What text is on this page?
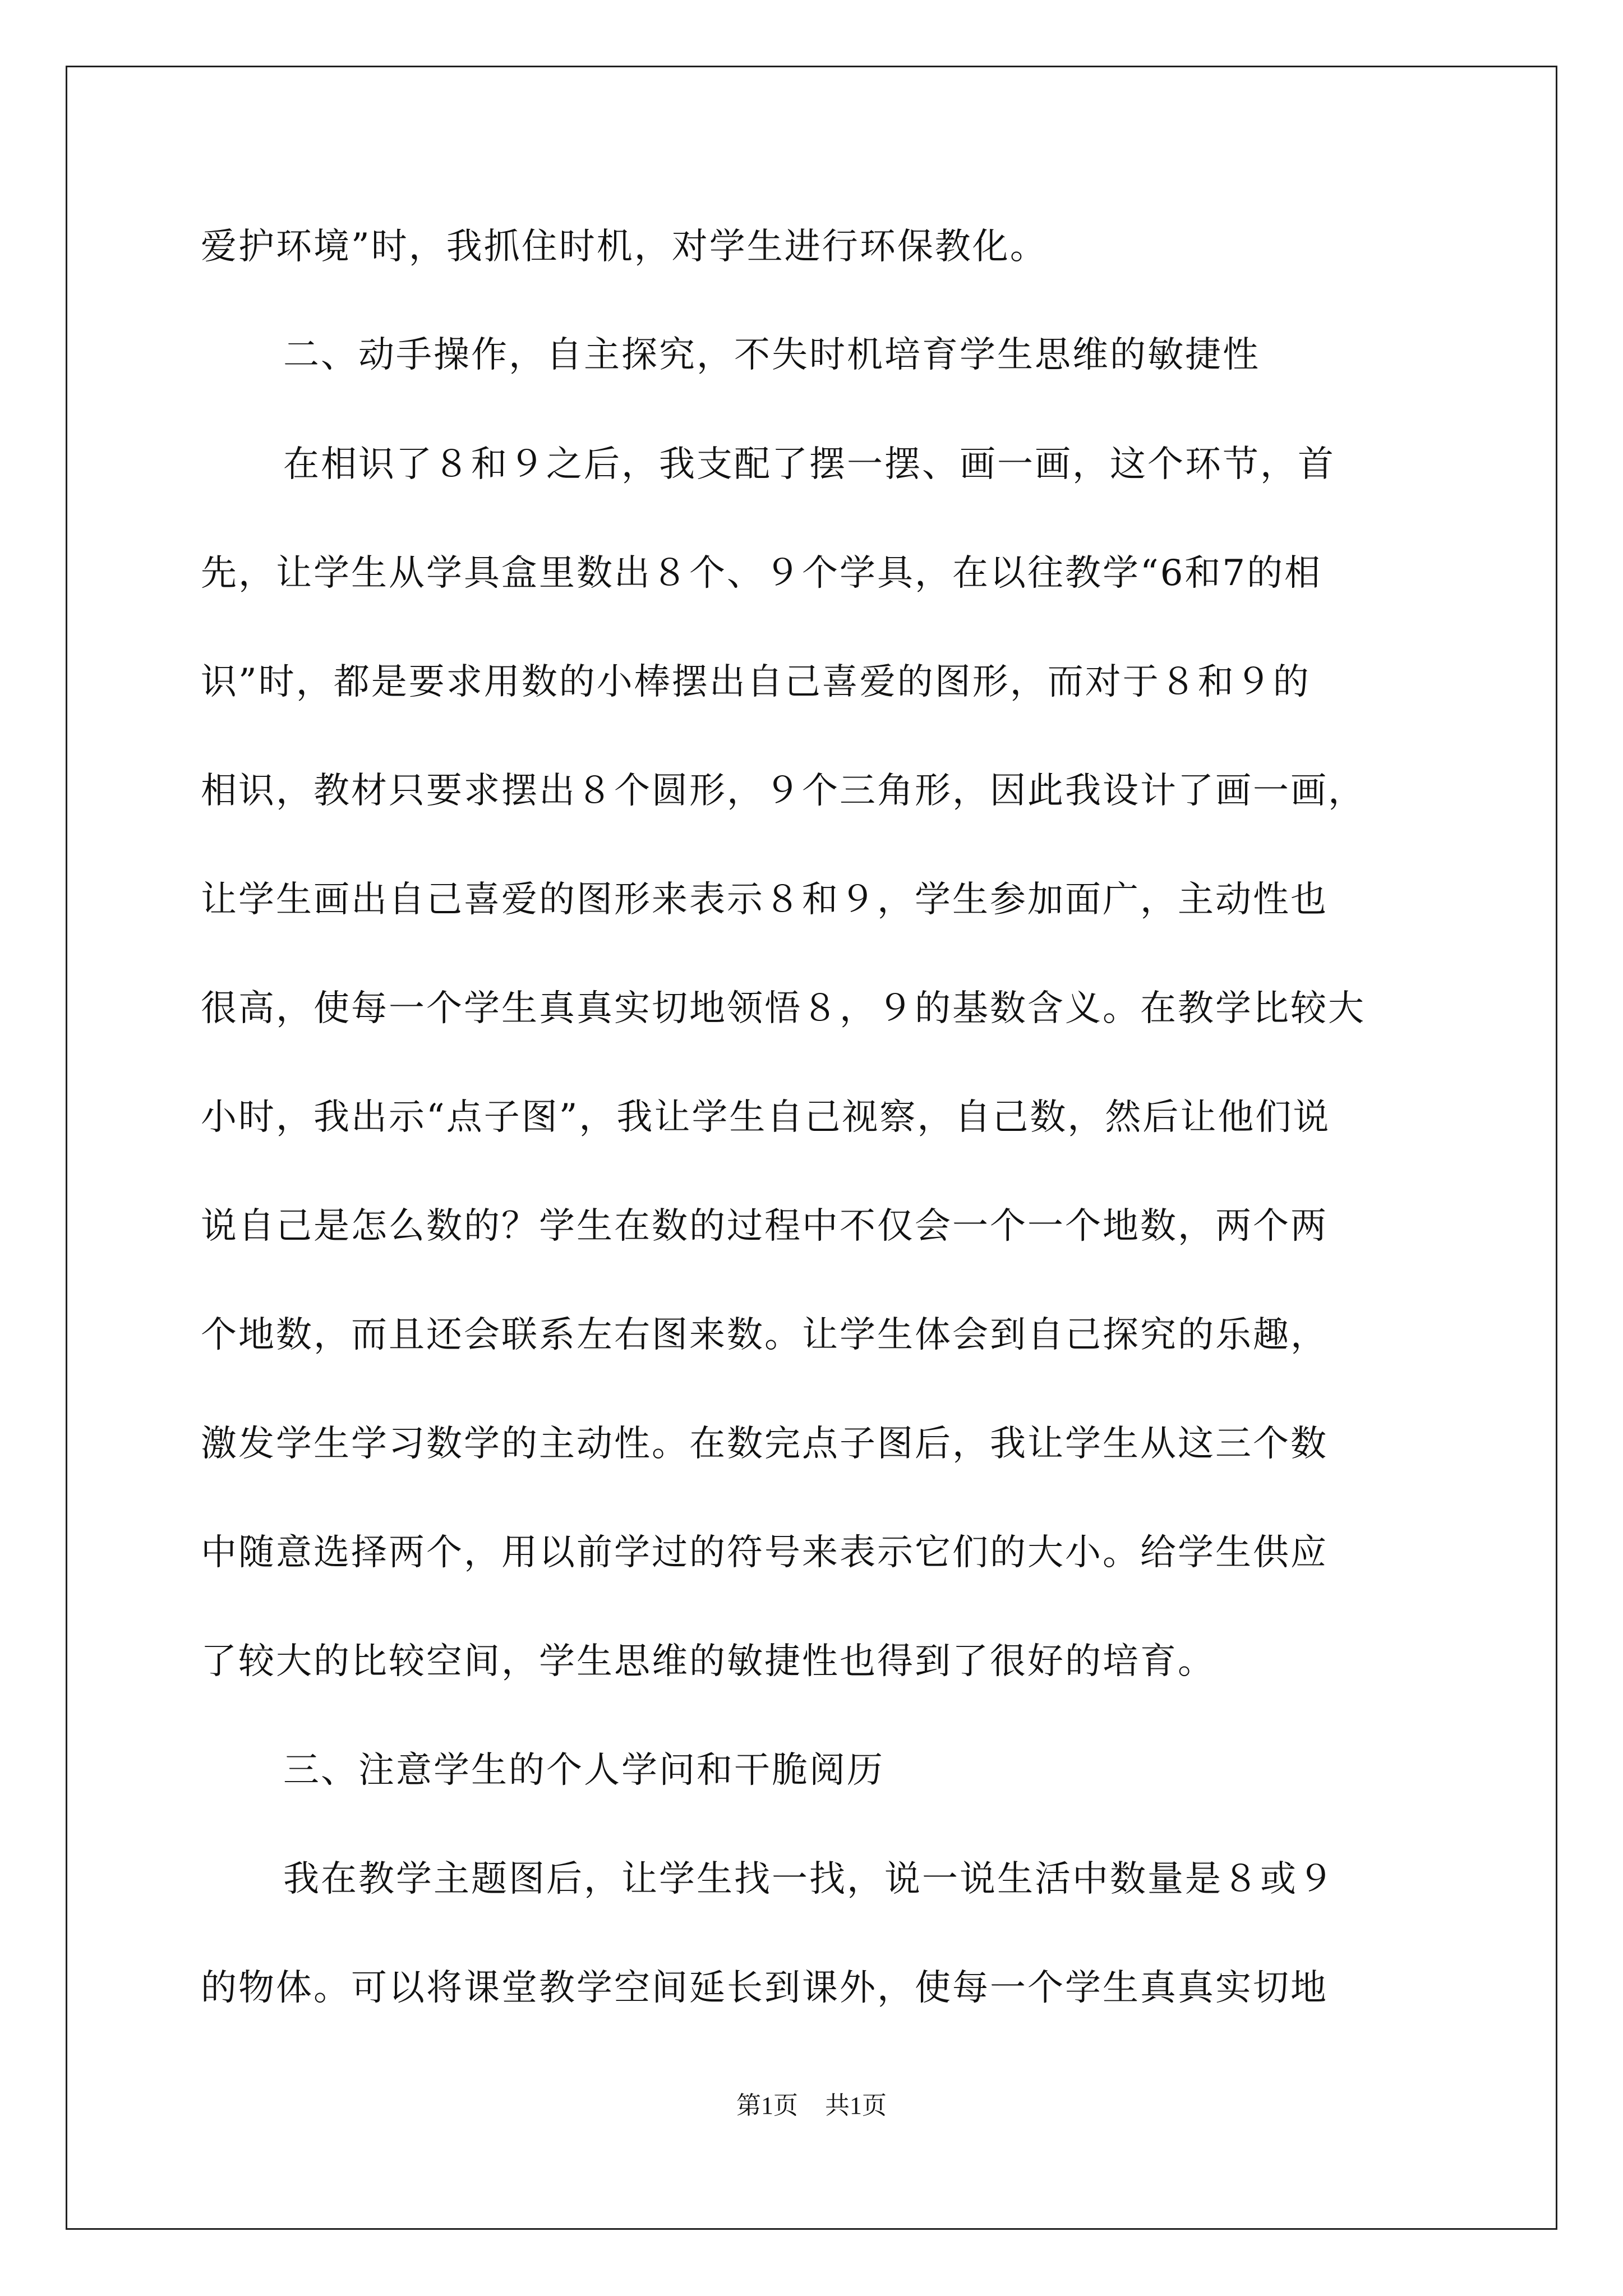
爱护环境”时，我抓住时机，对学生进行环保教化。
二、动手操作，自主探究，不失时机培育学生思维的敏捷性
在相识了８和９之后，我支配了摆一摆、画一画，这个环节，首
先，让学生从学具盒里数出８个、９个学具，在以往教学“6和7的相
识”时，都是要求用数的小棒摆出自己喜爱的图形，而对于８和９的
相识，教材只要求摆出８个圆形，９个三角形，因此我设计了画一画，
让学生画出自己喜爱的图形来表示８和９，学生参加面广，主动性也
很高，使每一个学生真真实切地领悟８，９的基数含义。在教学比较大
小时，我出示“点子图”，我让学生自己视察，自己数，然后让他们说
说自己是怎么数的？学生在数的过程中不仅会一个一个地数，两个两
个地数，而且还会联系左右图来数。让学生体会到自己探究的乐趣，
激发学生学习数学的主动性。在数完点子图后，我让学生从这三个数
中随意选择两个，用以前学过的符号来表示它们的大小。给学生供应
了较大的比较空间，学生思维的敏捷性也得到了很好的培育。
三、注意学生的个人学问和干脆阅历
我在教学主题图后，让学生找一找，说一说生活中数量是８或９
的物体。可以将课堂教学空间延长到课外，使每一个学生真真实切地
第1页 共1页
